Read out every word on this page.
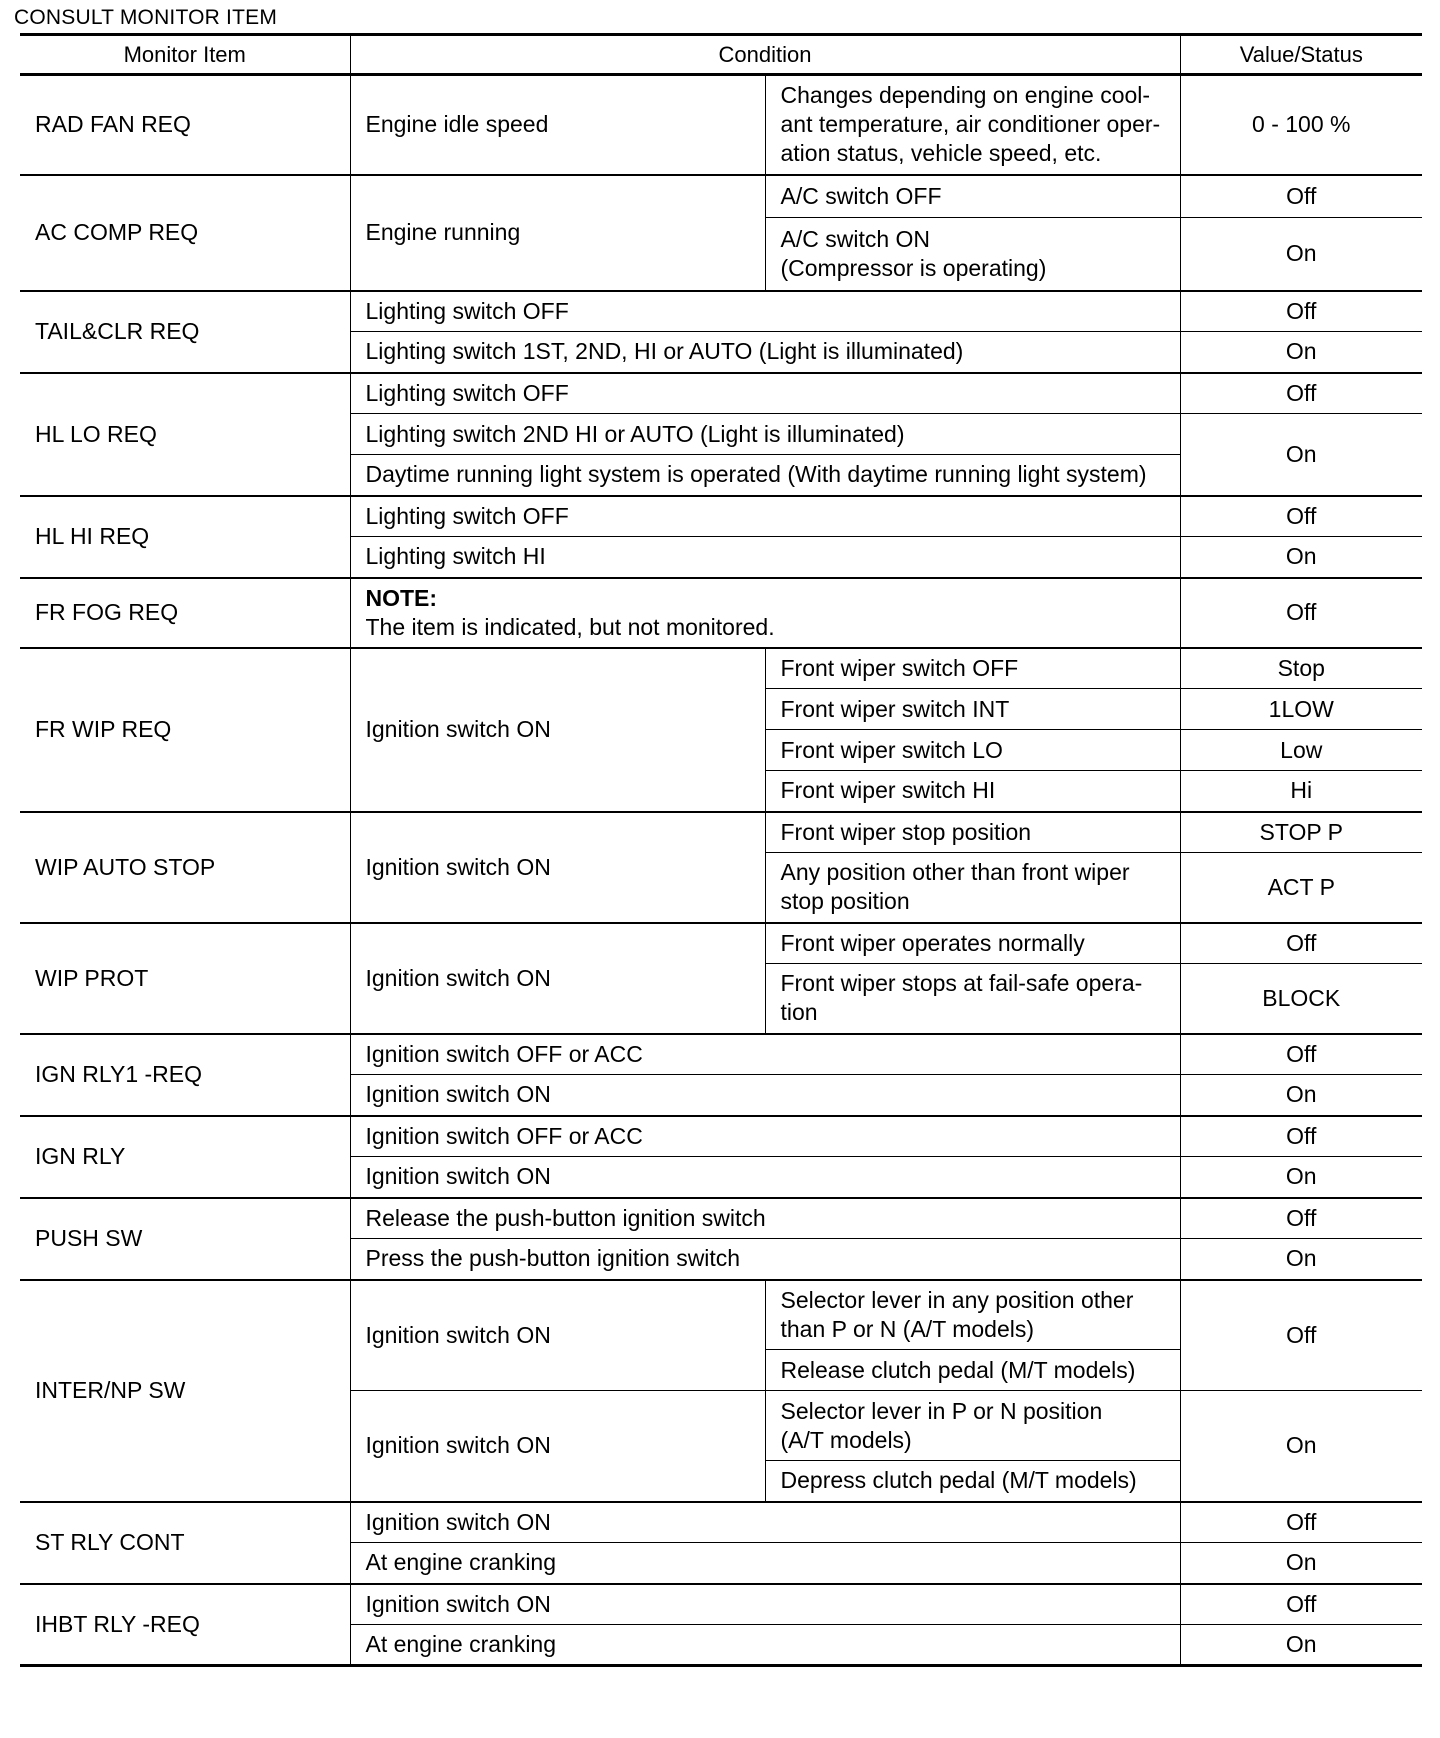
CONSULT MONITOR ITEM
Monitor Item	Condition		Value/Status
RAD FAN REQ	Engine idle speed	Changes depending on engine cool-
ant temperature, air conditioner oper-
ation status, vehicle speed, etc.	0 - 100 %
AC COMP REQ	Engine running	A/C switch OFF	Off
		A/C switch ON
(Compressor is operating)	On
TAIL&CLR REQ	Lighting switch OFF		Off
	Lighting switch 1ST, 2ND, HI or AUTO (Light is illuminated)		On
HL LO REQ	Lighting switch OFF		Off
	Lighting switch 2ND HI or AUTO (Light is illuminated)		On
	Daytime running light system is operated (With daytime running light system)		
HL HI REQ	Lighting switch OFF		Off
	Lighting switch HI		On
FR FOG REQ	NOTE:
The item is indicated, but not monitored.		Off
FR WIP REQ	Ignition switch ON	Front wiper switch OFF	Stop
		Front wiper switch INT	1LOW
		Front wiper switch LO	Low
		Front wiper switch HI	Hi
WIP AUTO STOP	Ignition switch ON	Front wiper stop position	STOP P
		Any position other than front wiper
stop position	ACT P
WIP PROT	Ignition switch ON	Front wiper operates normally	Off
		Front wiper stops at fail-safe opera-
tion	BLOCK
IGN RLY1 -REQ	Ignition switch OFF or ACC		Off
	Ignition switch ON		On
IGN RLY	Ignition switch OFF or ACC		Off
	Ignition switch ON		On
PUSH SW	Release the push-button ignition switch		Off
	Press the push-button ignition switch		On
INTER/NP SW	Ignition switch ON	Selector lever in any position other
than P or N (A/T models)	Off
		Release clutch pedal (M/T models)	
	Ignition switch ON	Selector lever in P or N position
(A/T models)	On
		Depress clutch pedal (M/T models)	
ST RLY CONT	Ignition switch ON		Off
	At engine cranking		On
IHBT RLY -REQ	Ignition switch ON		Off
	At engine cranking		On
